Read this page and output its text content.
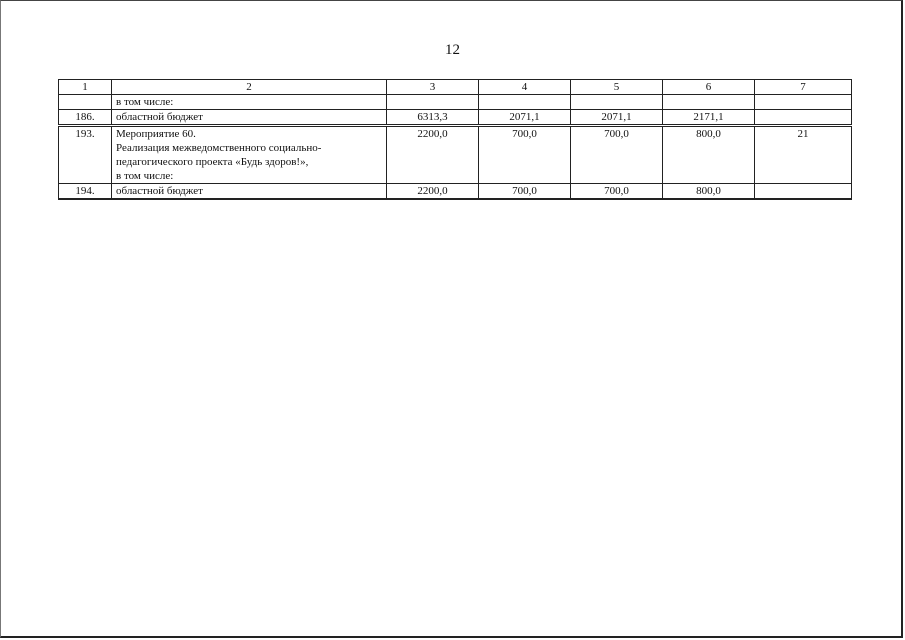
12
1	2	3	4	5	6	7

	в том числе:					

186.	областной бюджет	6313,3	2071,1	2071,1	2171,1	
193.	Мероприятие 60.
Реализация межведомственного социально-
педагогического проекта «Будь здоров!»,
в том числе:	2200,0	700,0	700,0	800,0	21
194.	областной бюджет	2200,0	700,0	700,0	800,0	
